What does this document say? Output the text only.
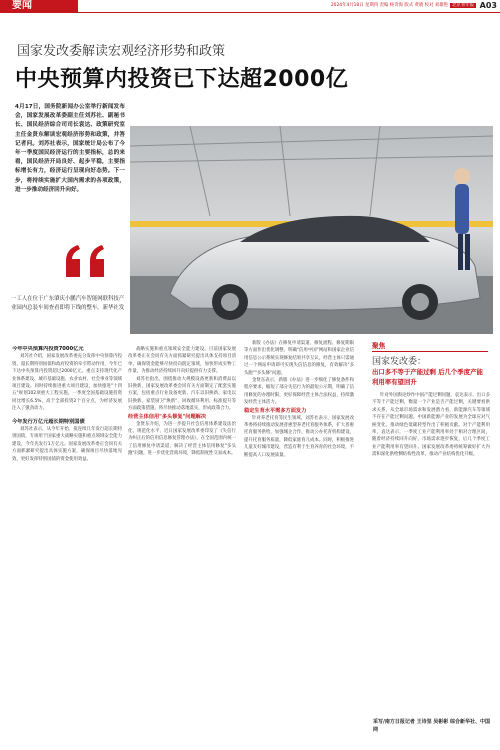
要闻	2024年4月18日 星期四 责编 杨奇海 版式 黄晓 校对 刘雄艳 北京青年报 A03
国家发改委解读宏观经济形势和政策
中央预算内投资已下达超2000亿

4月17日，国务院新闻办公室举行新闻发布会，国家发展改革委副主任刘苏社、副秘书长、国民经济综合司司长袁达、政策研究室主任金贤东解读宏观经济形势和政策，并答记者问。刘苏社表示，国家统计局公布了今年一季度国民经济运行的主要指标，总的来看，国民经济开局良好、起步平稳，主要指标增长有力，经济运行呈现向好态势。下一步，将持续实施扩大国内需求的各项政策，进一步推动经济回升向好。

一工人在位于广东肇庆小鹏汽车智能网联科技产业园内总装车间查看即将下线的整车。新华社发

今年中央预算内投资7000亿元

刘苏社介绍，国家发展改革委充分发挥中央预算内投资、超长期特别国债和政府投资的牵引带动作用，今年已下达中央预算内投资超过2000亿元，重点支持现代化产业体系建设、城市基础设施、农业农村、社会事业等领域项目建设。同时持续推进重大项目建设，加快推进"十四五"规划102项重大工程实施，一季度全国基础设施投资同比增长6.5%，高于全部投资2个百分点，为经济发展注入了强劲动力。

今年发行万亿元超长期特别国债

刘苏社表示，从今年开始，拟连续几年发行超长期特别国债，专项用于国家重大战略实施和重点领域安全能力建设，今年先发行1万亿元。国家发展改革委正会同有关方面抓紧研究提出具体实施方案，确保项目尽快落地见效，更好发挥特别国债的资金使用效益。

战略实施和重点领域安全能力建设。目前国家发展改革委正在会同有关方面抓紧研究提出具体支持项目清单，确保资金能够尽快投向既定领域，加快形成实物工作量，为推动经济持续回升向好提供有力支撑。

刘苏社指出，围绕推动大规模设备更新和消费品以旧换新，国家发展改革委会同有关方面制定了配套实施方案，包括重点行业设备更新、汽车以旧换新、家电以旧换新、家装厨卫"焕新"、回收循环利用、标准提升等方面政策措施，将尽快推动落地落实，形成政策合力。

经营主体信用"多头修复"问题解决

金贤东介绍，为进一步提升社会信用体系建设法治化、规范化水平，近日国家发展改革委印发了《失信行为纠正后的信用信息修复管理办法》，在全国范围内统一了信用修复申请渠道，解决了经营主体信用修复"多头跑"问题，进一步优化营商环境，降低制度性交易成本。

新版《办法》在修复申请渠道、修复流程、修复期限等方面作出优化调整，明确"信用中国"网站和国家企业信用信息公示系统实现修复结果共享互认，经营主体只需通过一个网站申请即可实现失信信息的修复，有效解决"多头跑""多头修"问题。

金贤东表示，新版《办法》进一步细化了修复条件和程序要求，缩短了部分失信行为的最短公示期，明确了信用修复的办理时限，更好保障经营主体合法权益，持续激发经营主体活力。

稳定生育水平需多方面发力

针对养老托育等民生领域，刘苏社表示，国家发展改革委将持续推动发展普惠型养老托育服务体系，扩大普惠托育服务供给，加强城企合作，推动公办托育机构建设，提升托育服务质量，降低家庭育儿成本。同时，积极推进儿童友好城市建设，营造有利于生育养育的社会环境，不断提高人口发展质量。

聚焦
国家发改委：
出口多不等于产能过剩 后几个季度产能利用率有望回升

针对外国舆论炒作中国产能过剩问题，袁达表示，出口多不等于产能过剩，衡量一个产业是否产能过剩，关键要看供求关系，从全球市场需求和发展潜力看，新能源汽车等领域不存在产能过剩问题。中国新能源产业的发展为全球应对气候变化、推动绿色低碳转型作出了积极贡献。对于产能利用率，袁达表示，一季度工业产能利用率处于相对合理区间，随着经济持续回升向好，市场需求逐步恢复，后几个季度工业产能利用率有望回升。国家发展改革委将统筹做好扩大内需和深化供给侧结构性改革，推动产业结构优化升级。

采写/南方日报记者 王诗坚 吴彬彬 综合新华社、中国网
